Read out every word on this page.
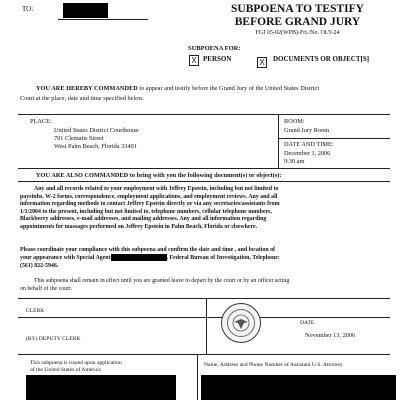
TO:	SUBPOENA TO TESTIFY
BEFORE GRAND JURY
FGJ 05-02(WPB)-Fri./No. OLY-24
SUBPOENA FOR:
X PERSON	X	DOCUMENTS OR OBJECT[S]
YOU ARE HEREBY COMMANDED to appear and testify before the Grand Jury of the United States District
Court at the place, date and time specified below.
PLACE:
United States District Courthouse
701 Clematis Street
West Palm Beach, Florida 33401
ROOM:
Grand Jury Room
DATE AND TIME:
December 1, 2006
9:30 am
YOU ARE ALSO COMMANDED to bring with you the following document(s) or object(s):
Any and all records related to your employment with Jeffrey Epstein, including but not limited to
paystubs, W-2 forms, correspondence, employment applications, and employment reviews. Any and all
information regarding methods to contact Jeffrey Epstein directly or via any secretaries/assistants from
1/1/2004 to the present, including but not limited to, telephone numbers, cellular telephone numbers,
Blackberry addresses, e-mail addresses, and mailing addresses. Any and all information regarding
appointments for massages performed on Jeffrey Epstein in Palm Beach, Florida or elsewhere.
Please coordinate your compliance with this subpoena and confirm the date and time , and location of
your appearance with Special Agent	, Federal Bureau of Investigation, Telephone:
(561) 822-5946.
This subpoena shall remain in effect until you are granted leave to depart by the court or by an officer acting
on behalf of the court.
CLERK
(BY) DEPUTY CLERK
DATE
November 13, 2006
This subpoena is issued upon application
of the United States of America
Name, Address and Phone Number of Assistant U.S. Attorney
